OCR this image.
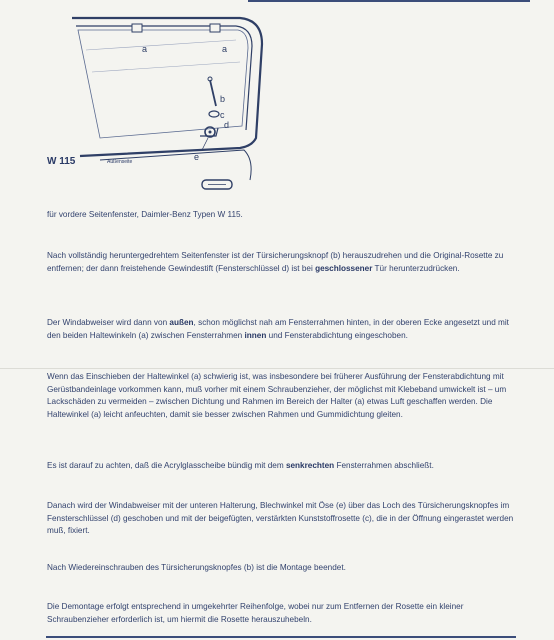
a	a
b
c
d
e
W 115	Außenseite

für vordere Seitenfenster, Daimler-Benz Typen W 115.

Nach vollständig heruntergedrehtem Seitenfenster ist der Türsicherungsknopf (b) herauszudrehen und die Original-Rosette zu entfernen; der dann freistehende Gewindestift (Fensterschlüssel d) ist bei geschlossener Tür herunterzudrücken.

Der Windabweiser wird dann von außen, schon möglichst nah am Fensterrahmen hinten, in der oberen Ecke angesetzt und mit den beiden Haltewinkeln (a) zwischen Fensterrahmen innen und Fensterabdichtung eingeschoben.

Wenn das Einschieben der Haltewinkel (a) schwierig ist, was insbesondere bei früherer Ausführung der Fensterabdichtung mit Gerüstbandeinlage vorkommen kann, muß vorher mit einem Schraubenzieher, der möglichst mit Klebeband umwickelt ist – um Lackschäden zu vermeiden – zwischen Dichtung und Rahmen im Bereich der Halter (a) etwas Luft geschaffen werden. Die Haltewinkel (a) leicht anfeuchten, damit sie besser zwischen Rahmen und Gummidichtung gleiten.

Es ist darauf zu achten, daß die Acrylglasscheibe bündig mit dem senkrechten Fensterrahmen abschließt.

Danach wird der Windabweiser mit der unteren Halterung, Blechwinkel mit Öse (e) über das Loch des Türsicherungsknopfes im Fensterschlüssel (d) geschoben und mit der beigefügten, verstärkten Kunststoffrosette (c), die in der Öffnung eingerastet werden muß, fixiert.

Nach Wiedereinschrauben des Türsicherungsknopfes (b) ist die Montage beendet.

Die Demontage erfolgt entsprechend in umgekehrter Reihenfolge, wobei nur zum Entfernen der Rosette ein kleiner Schraubenzieher erforderlich ist, um hiermit die Rosette herauszuhebeln.
